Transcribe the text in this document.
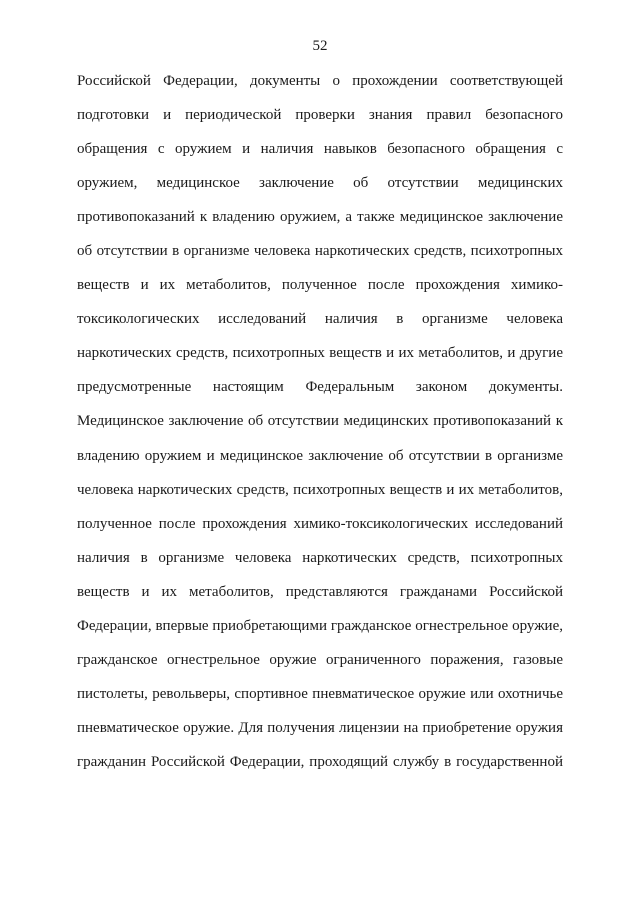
52
Российской Федерации, документы о прохождении соответствующей
подготовки и периодической проверки знания правил безопасного
обращения с оружием и наличия навыков безопасного обращения с
оружием, медицинское заключение об отсутствии медицинских
противопоказаний к владению оружием, а также медицинское заключение
об отсутствии в организме человека наркотических средств, психотропных
веществ и их метаболитов, полученное после прохождения химико-
токсикологических исследований наличия в организме человека
наркотических средств, психотропных веществ и их метаболитов, и другие
предусмотренные настоящим Федеральным законом документы.
Медицинское заключение об отсутствии медицинских противопоказаний к
владению оружием и медицинское заключение об отсутствии в организме
человека наркотических средств, психотропных веществ и их метаболитов,
полученное после прохождения химико-токсикологических исследований
наличия в организме человека наркотических средств, психотропных
веществ и их метаболитов, представляются гражданами Российской
Федерации, впервые приобретающими гражданское огнестрельное оружие,
гражданское огнестрельное оружие ограниченного поражения, газовые
пистолеты, револьверы, спортивное пневматическое оружие или охотничье
пневматическое оружие. Для получения лицензии на приобретение оружия
гражданин Российской Федерации, проходящий службу в государственной
